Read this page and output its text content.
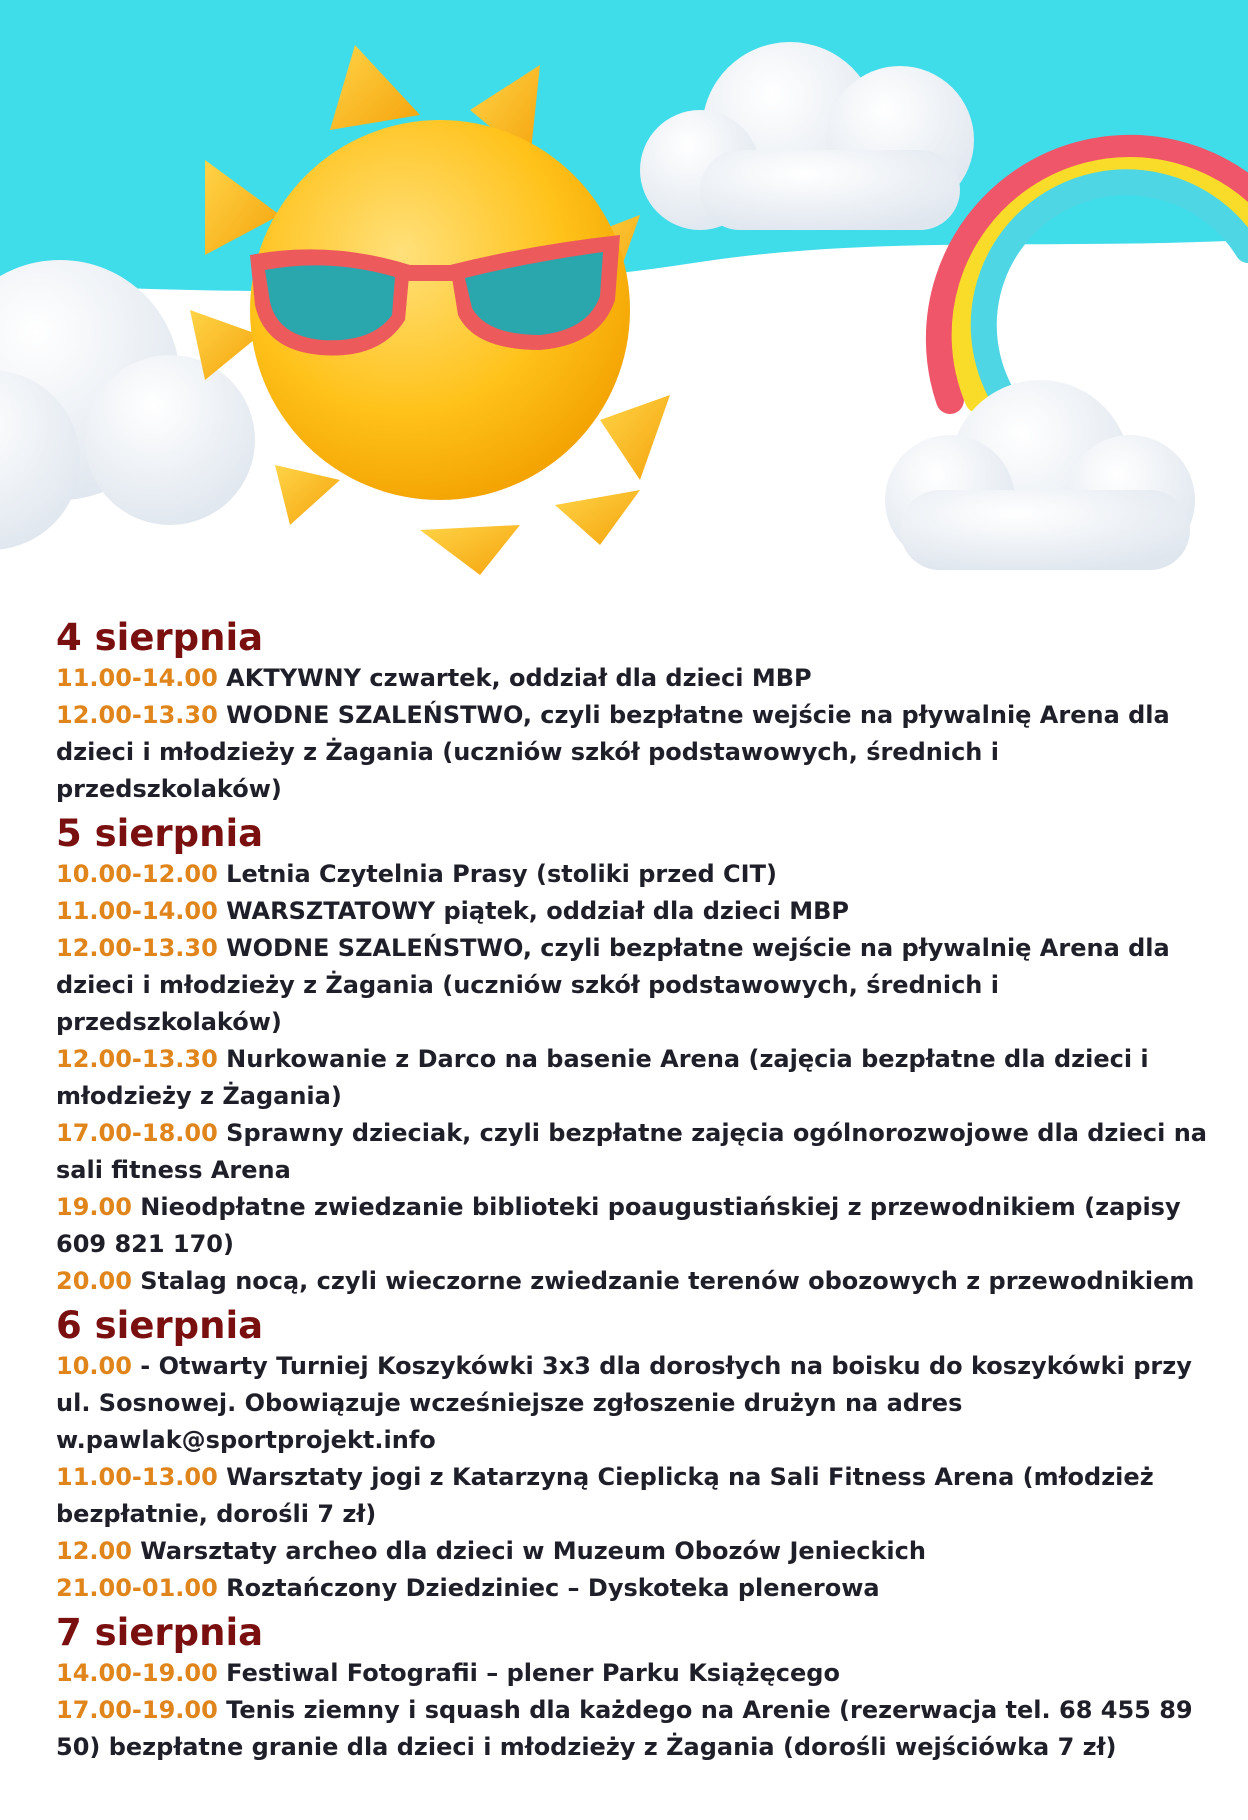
4 sierpnia

11.00-14.00 AKTYWNY czwartek, oddział dla dzieci MBP

12.00-13.30 WODNE SZALEŃSTWO, czyli bezpłatne wejście na pływalnię Arena dla dzieci i młodzieży z Żagania (uczniów szkół podstawowych, średnich i przedszkolaków)

5 sierpnia

10.00-12.00 Letnia Czytelnia Prasy (stoliki przed CIT)

11.00-14.00 WARSZTATOWY piątek, oddział dla dzieci MBP

12.00-13.30 WODNE SZALEŃSTWO, czyli bezpłatne wejście na pływalnię Arena dla dzieci i młodzieży z Żagania (uczniów szkół podstawowych, średnich i przedszkolaków)

12.00-13.30 Nurkowanie z Darco na basenie Arena (zajęcia bezpłatne dla dzieci i młodzieży z Żagania)

17.00-18.00 Sprawny dzieciak, czyli bezpłatne zajęcia ogólnorozwojowe dla dzieci na sali fitness Arena

19.00 Nieodpłatne zwiedzanie biblioteki poaugustiańskiej z przewodnikiem (zapisy 609 821 170)

20.00 Stalag nocą, czyli wieczorne zwiedzanie terenów obozowych z przewodnikiem

6 sierpnia

10.00 - Otwarty Turniej Koszykówki 3x3 dla dorosłych na boisku do koszykówki przy ul. Sosnowej. Obowiązuje wcześniejsze zgłoszenie drużyn na adres w.pawlak@sportprojekt.info

11.00-13.00 Warsztaty jogi z Katarzyną Cieplicką na Sali Fitness Arena (młodzież bezpłatnie, dorośli 7 zł)

12.00 Warsztaty archeo dla dzieci w Muzeum Obozów Jenieckich

21.00-01.00 Roztańczony Dziedziniec – Dyskoteka plenerowa

7 sierpnia

14.00-19.00 Festiwal Fotografii – plener Parku Książęcego

17.00-19.00 Tenis ziemny i squash dla każdego na Arenie (rezerwacja tel. 68 455 89 50) bezpłatne granie dla dzieci i młodzieży z Żagania (dorośli wejściówka 7 zł)
